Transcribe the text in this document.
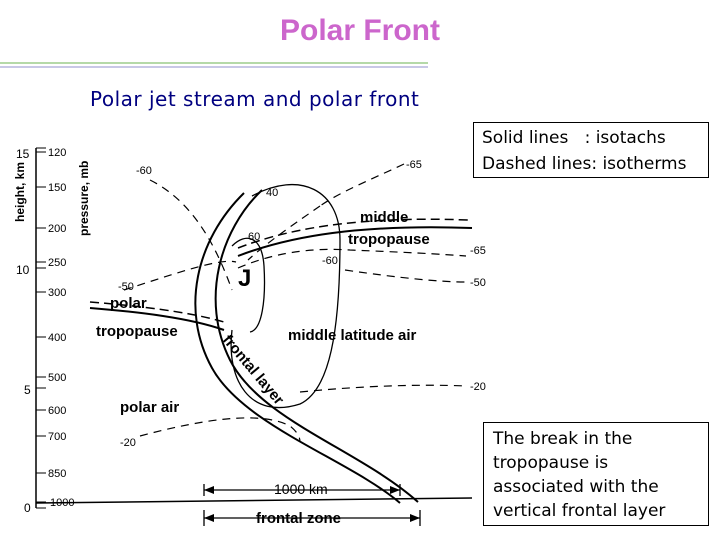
Polar Front
Polar jet stream and polar front
height, km	pressure, mb
15
10
5
0
120
150
200
250
300
400
500
600
700
850
1000
middle
tropopause
polar
tropopause
J
frontal layer middle latitude air
polar air
1000 km
frontal zone
-65
-60
-60
-65
-50
-50
-20
-20
40
60
Solid lines   : isotachs
Dashed lines: isotherms
The break in the tropopause is associated with the vertical frontal layer
